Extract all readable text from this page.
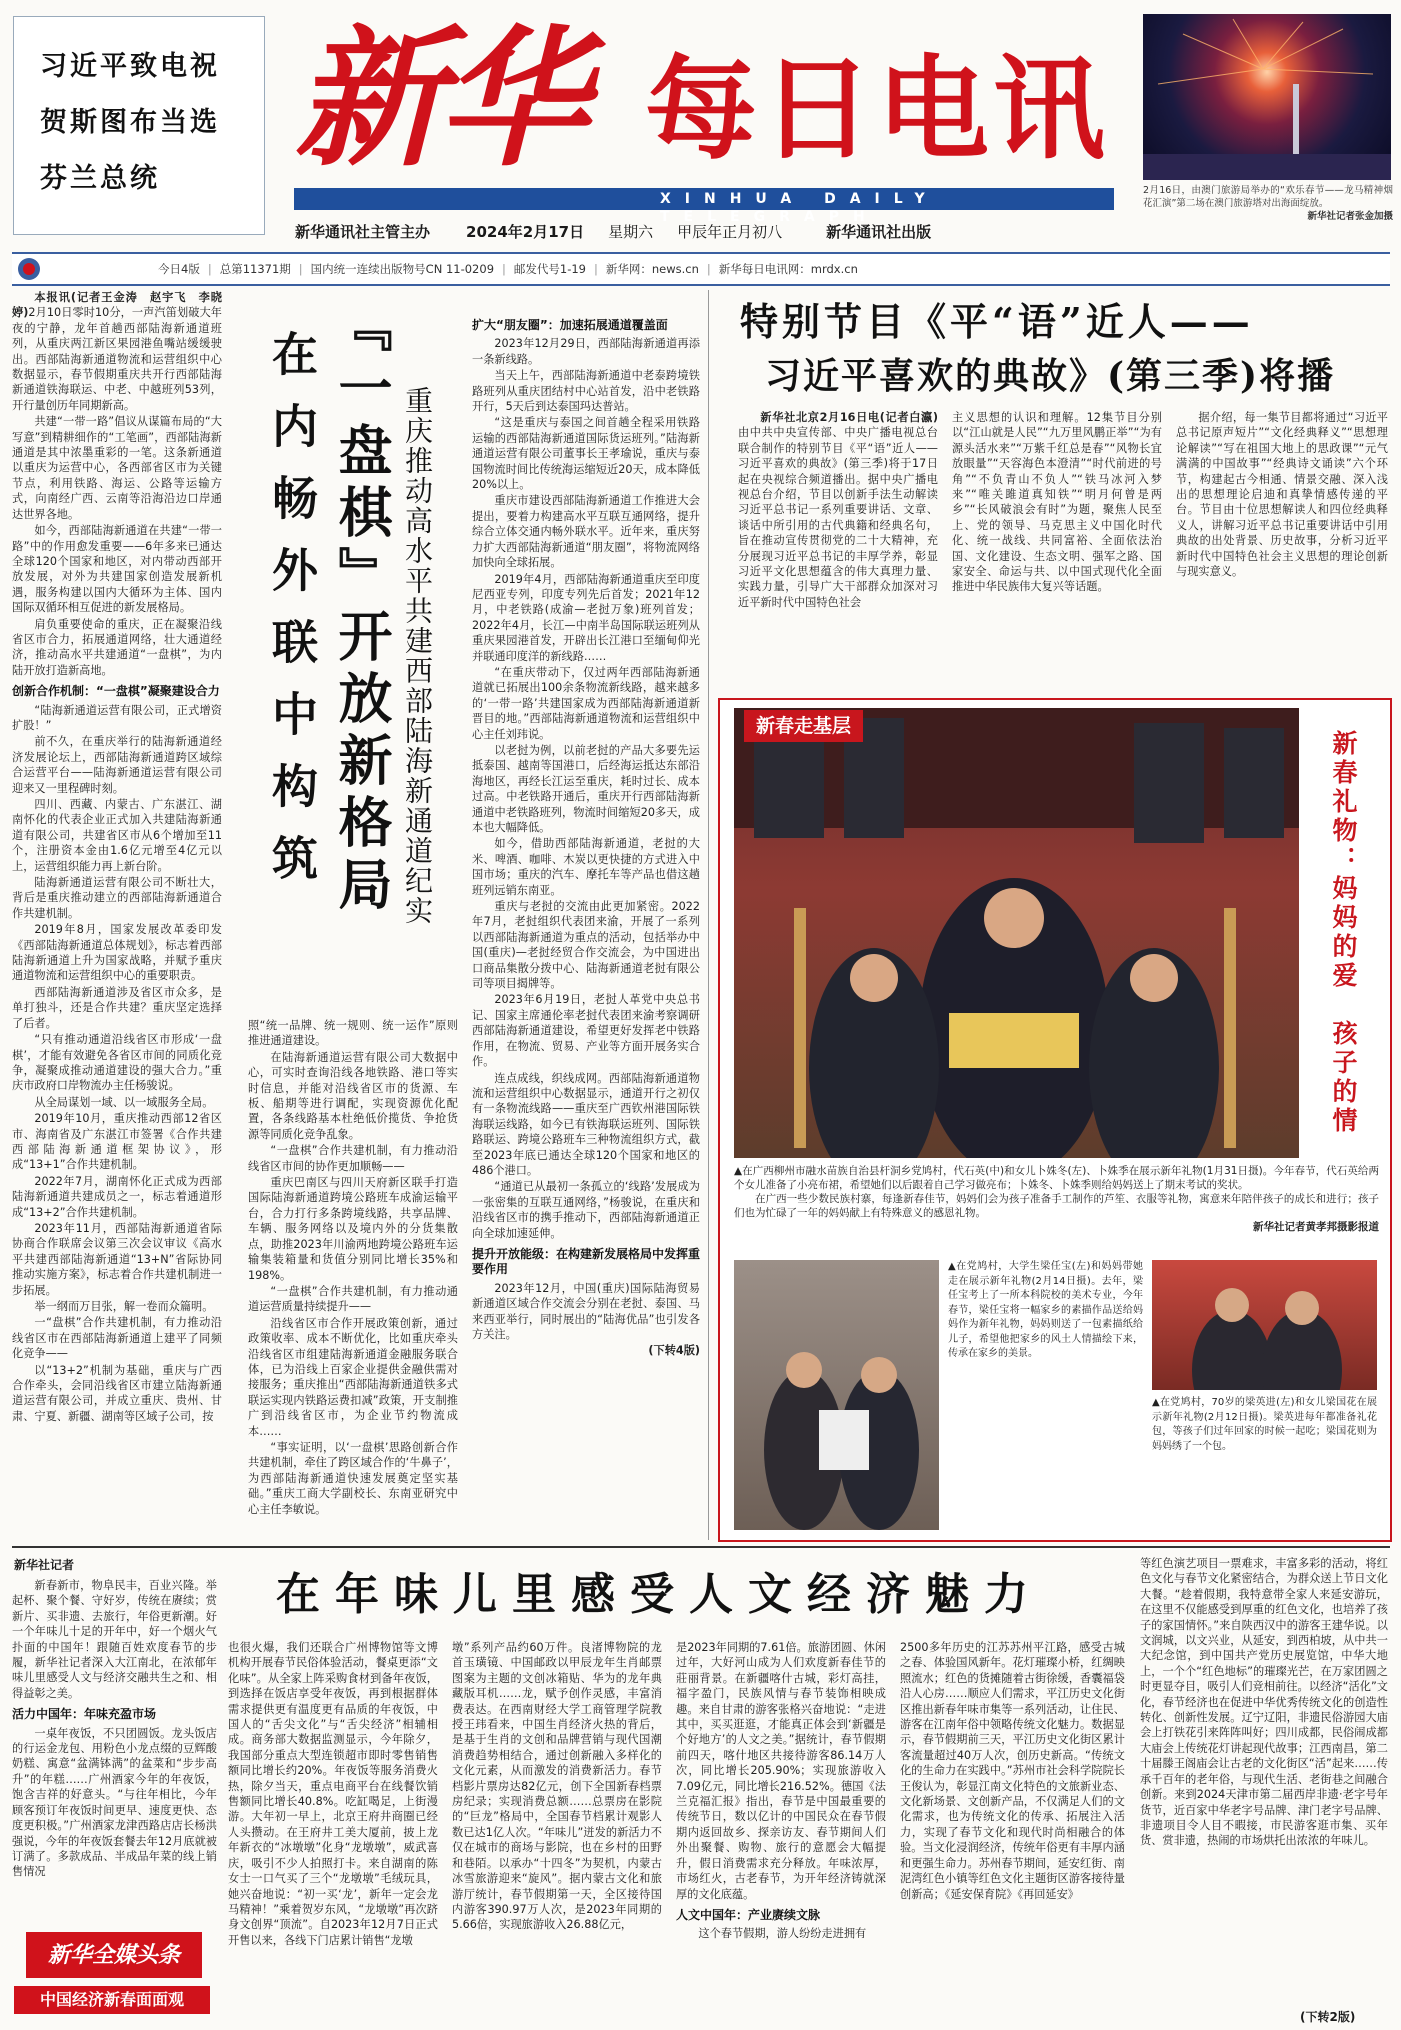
习近平致电祝贺斯图布当选芬兰总统 新华 每日电讯
XINHUA DAILY TELEGRAPH
新华通讯社主管主办 2024年2月17日 星期六 甲辰年正月初八	新华通讯社出版
2月16日，由澳门旅游局举办的“欢乐春节——龙马精神烟花汇演”第二场在澳门旅游塔对出海面绽放。
新华社记者张金加摄
今日4版 | 总第11371期 | 国内统一连续出版物号CN 11-0209 | 邮发代号1-19 | 新华网：news.cn | 新华每日电讯网：mrdx.cn

本报讯(记者王金涛　赵宇飞　李晓婷)2月10日零时10分，一声汽笛划破大年夜的宁静，龙年首趟西部陆海新通道班列，从重庆两江新区果园港鱼嘴站缓缓驶出。西部陆海新通道物流和运营组织中心数据显示，春节假期重庆共开行西部陆海新通道铁海联运、中老、中越班列53列，开行量创历年同期新高。

共建“一带一路”倡议从谋篇布局的“大写意”到精耕细作的“工笔画”，西部陆海新通道是其中浓墨重彩的一笔。这条新通道以重庆为运营中心，各西部省区市为关键节点，利用铁路、海运、公路等运输方式，向南经广西、云南等沿海沿边口岸通达世界各地。

如今，西部陆海新通道在共建“一带一路”中的作用愈发重要——6年多来已通达全球120个国家和地区，对内带动西部开放发展，对外为共建国家创造发展新机遇，服务构建以国内大循环为主体、国内国际双循环相互促进的新发展格局。

肩负重要使命的重庆，正在凝聚沿线省区市合力，拓展通道网络，壮大通道经济，推动高水平共建通道“一盘棋”，为内陆开放打造新高地。

创新合作机制：“一盘棋”凝聚建设合力

“陆海新通道运营有限公司，正式增资扩股！”

前不久，在重庆举行的陆海新通道经济发展论坛上，西部陆海新通道跨区域综合运营平台——陆海新通道运营有限公司迎来又一里程碑时刻。

四川、西藏、内蒙古、广东湛江、湖南怀化的代表企业正式加入共建陆海新通道有限公司，共建省区市从6个增加至11个，注册资本金由1.6亿元增至4亿元以上，运营组织能力再上新台阶。

陆海新通道运营有限公司不断壮大，背后是重庆推动建立的西部陆海新通道合作共建机制。

2019年8月，国家发展改革委印发《西部陆海新通道总体规划》，标志着西部陆海新通道上升为国家战略，并赋予重庆通道物流和运营组织中心的重要职责。

西部陆海新通道涉及省区市众多，是单打独斗，还是合作共建？重庆坚定选择了后者。

“只有推动通道沿线省区市形成‘一盘棋’，才能有效避免各省区市间的同质化竞争，凝聚成推动通道建设的强大合力。”重庆市政府口岸物流办主任杨骏说。

从全局谋划一域、以一域服务全局。

2019年10月，重庆推动西部12省区市、海南省及广东湛江市签署《合作共建西部陆海新通道框架协议》，形成“13+1”合作共建机制。

2022年7月，湖南怀化正式成为西部陆海新通道共建成员之一，标志着通道形成“13+2”合作共建机制。

2023年11月，西部陆海新通道省际协商合作联席会议第三次会议审议《高水平共建西部陆海新通道“13+N”省际协同推动实施方案》，标志着合作共建机制进一步拓展。

举一纲而万目张，解一卷而众篇明。

一“盘棋”合作共建机制，有力推动沿线省区市在西部陆海新通道上建平了同频化竞争——

以“13+2”机制为基础，重庆与广西合作牵头，会同沿线省区市建立陆海新通道运营有限公司，并成立重庆、贵州、甘肃、宁夏、新疆、湖南等区域子公司，按

在内畅外联中构筑 『一盘棋』开放新格局 重庆推动高水平共建西部陆海新通道纪实

照“统一品牌、统一规则、统一运作”原则推进通道建设。

在陆海新通道运营有限公司大数据中心，可实时查询沿线各地铁路、港口等实时信息，并能对沿线省区市的货源、车板、船期等进行调配，实现资源优化配置，各条线路基本杜绝低价揽货、争抢货源等同质化竞争乱象。

“一盘棋”合作共建机制，有力推动沿线省区市间的协作更加顺畅——

重庆巴南区与四川天府新区联手打造国际陆海新通道跨境公路班车成渝运输平台，合力打行多条跨境线路，共享品牌、车辆、服务网络以及境内外的分货集散点，助推2023年川渝两地跨境公路班车运输集装箱量和货值分别同比增长35%和198%。

“一盘棋”合作共建机制，有力推动通道运营质量持续提升——

沿线省区市合作开展政策创新，通过政策收率、成本不断优化，比如重庆牵头沿线省区市组建陆海新通道金融服务联合体，已为沿线上百家企业提供金融供需对接服务；重庆推出“西部陆海新通道铁多式联运实现内铁路运费扣减”政策，开支制推广到沿线省区市，为企业节约物流成本……

“事实证明，以‘一盘棋’思路创新合作共建机制，牵住了跨区域合作的‘牛鼻子’，为西部陆海新通道快速发展奠定坚实基础。”重庆工商大学副校长、东南亚研究中心主任李敏说。

扩大“朋友圈”：加速拓展通道覆盖面

2023年12月29日，西部陆海新通道再添一条新线路。

当天上午，西部陆海新通道中老泰跨境铁路班列从重庆团结村中心站首发，沿中老铁路开行，5天后到达泰国玛达普站。

“这是重庆与泰国之间首趟全程采用铁路运输的西部陆海新通道国际货运班列。”陆海新通道运营有限公司董事长王孝瑜说，重庆与泰国物流时间比传统海运缩短近20天，成本降低20%以上。

重庆市建设西部陆海新通道工作推进大会提出，要着力构建高水平互联互通网络，提升综合立体交通内畅外联水平。近年来，重庆努力扩大西部陆海新通道“朋友圈”，将物流网络加快向全球拓展。

2019年4月，西部陆海新通道重庆至印度尼西亚专列，印度专列先后首发；2021年12月，中老铁路(成渝—老挝万象)班列首发；2022年4月，长江—中南半岛国际联运班列从重庆果园港首发，开辟出长江港口至缅甸仰光并联通印度洋的新线路……

“在重庆带动下，仅过两年西部陆海新通道就已拓展出100余条物流新线路，越来越多的‘一带一路’共建国家成为西部陆海新通道新晋目的地。”西部陆海新通道物流和运营组织中心主任刘玮说。

以老挝为例，以前老挝的产品大多要先运抵泰国、越南等国港口，后经海运抵达东部沿海地区，再经长江运至重庆，耗时过长、成本过高。中老铁路开通后，重庆开行西部陆海新通道中老铁路班列，物流时间缩短20多天，成本也大幅降低。

如今，借助西部陆海新通道，老挝的大米、啤酒、咖啡、木炭以更快捷的方式进入中国市场；重庆的汽车、摩托车等产品也借这趟班列远销东南亚。

重庆与老挝的交流由此更加紧密。2022年7月，老挝组织代表团来渝，开展了一系列以西部陆海新通道为重点的活动，包括举办中国(重庆)—老挝经贸合作交流会，为中国进出口商品集散分拨中心、陆海新通道老挝有限公司等项目揭牌等。

2023年6月19日，老挝人革党中央总书记、国家主席通伦率老挝代表团来渝考察调研西部陆海新通道建设，希望更好发挥老中铁路作用，在物流、贸易、产业等方面开展务实合作。

连点成线，织线成网。西部陆海新通道物流和运营组织中心数据显示，通道开行之初仅有一条物流线路——重庆至广西钦州港国际铁海联运线路，如今已有铁海联运班列、国际铁路联运、跨境公路班车三种物流组织方式，截至2023年底已通达全球120个国家和地区的486个港口。

“通道已从最初一条孤立的‘线路’发展成为一张密集的互联互通网络，”杨骏说，在重庆和沿线省区市的携手推动下，西部陆海新通道正向全球加速延伸。

提升开放能级：在构建新发展格局中发挥重要作用

2023年12月，中国(重庆)国际陆海贸易新通道区域合作交流会分别在老挝、泰国、马来西亚举行，同时展出的“陆海优品”也引发各方关注。

(下转4版)

特别节目《平“语”近人——
习近平喜欢的典故》(第三季)将播

新华社北京2月16日电(记者白瀛)由中共中央宣传部、中央广播电视总台联合制作的特别节目《平“语”近人——习近平喜欢的典故》(第三季)将于17日起在央视综合频道播出。据中央广播电视总台介绍，节目以创新手法生动解读习近平总书记一系列重要讲话、文章、谈话中所引用的古代典籍和经典名句，旨在推动宣传贯彻党的二十大精神，充分展现习近平总书记的丰厚学养，彰显习近平文化思想蕴含的伟大真理力量、实践力量，引导广大干部群众加深对习近平新时代中国特色社会

主义思想的认识和理解。12集节目分别以“江山就是人民”“九万里风鹏正举”“为有源头活水来”“万紫千红总是春”“风物长宜放眼量”“天容海色本澄清”“时代前进的号角”“不负青山不负人”“铁马冰河入梦来”“唯关雎道真知铁”“明月何曾是两乡”“长风破浪会有时”为题，聚焦人民至上、党的领导、马克思主义中国化时代化、统一战线、共同富裕、全面依法治国、文化建设、生态文明、强军之路、国家安全、命运与共、以中国式现代化全面推进中华民族伟大复兴等话题。

据介绍，每一集节目都将通过“习近平总书记原声短片”“文化经典释义”“思想理论解读”“写在祖国大地上的思政课”“元气满满的中国故事”“经典诗文诵读”六个环节，构建起古今相通、情景交融、深入浅出的思想理论启迪和真挚情感传递的平台。节目由十位思想解读人和四位经典释义人，讲解习近平总书记重要讲话中引用典故的出处背景、历史故事，分析习近平新时代中国特色社会主义思想的理论创新与现实意义。

新春走基层
新春礼物：妈妈的爱　孩子的情

▲在广西柳州市融水苗族自治县杆洞乡党鸠村，代石英(中)和女儿卜姝冬(左)、卜姝季在展示新年礼物(1月31日摄)。今年春节，代石英给两个女儿准备了小亮布裙，希望她们以后跟着自己学习做亮布；卜姝冬、卜姝季则给妈妈送上了期末考试的奖状。

在广西一些少数民族村寨，每逢新春佳节，妈妈们会为孩子准备手工制作的芦笙、衣服等礼物，寓意来年陪伴孩子的成长和进行；孩子们也为忙碌了一年的妈妈献上有特殊意义的感恩礼物。

新华社记者黄孝邦摄影报道
▲在党鸠村，大学生梁任宝(左)和妈妈带她走在展示新年礼物(2月14日摄)。去年，梁任宝考上了一所本科院校的美术专业，今年春节，梁任宝将一幅家乡的素描作品送给妈妈作为新年礼物，妈妈则送了一包素描纸给儿子，希望他把家乡的风土人情描绘下来，传承在家乡的美景。
▲在党鸠村，70岁的梁英进(左)和女儿梁国花在展示新年礼物(2月12日摄)。梁英进每年都准备礼花包，等孩子们过年回家的时候一起吃；梁国花则为妈妈绣了一个包。
新华社记者
在年味儿里感受人文经济魅力

新春新市，物阜民丰，百业兴隆。举起杯、聚个餐、守好岁，传统在赓续；赏新片、买非遗、去旅行，年俗更新潮。好一个年味儿十足的开年中，好一个烟火气扑面的中国年！跟随百姓欢度春节的步履，新华社记者深入大江南北，在浓郁年味儿里感受人文与经济交融共生之和、相得益彰之美。

活力中国年：年味充盈市场

一桌年夜饭，不只团圆饭。龙头饭店的行运金龙包、用粉色小龙点缀的豆辉酸奶糕、寓意“盆满钵满”的盆菜和“步步高升”的年糕……广州酒家今年的年夜饭，饱含吉祥的好意头。“与往年相比，今年顾客预订年夜饭时间更早、速度更快、态度更积极。”广州酒家龙津西路店店长杨洪强说，今年的年夜饭套餐去年12月底就被订满了。多款成品、半成品年菜的线上销售情况

新华全媒头条
中国经济新春面面观

也很火爆，我们还联合广州博物馆等文博机构开展春节民俗体验活动，餐桌更添“文化味”。从全家上阵采购食材到备年夜饭，到选择在饭店享受年夜饭，再到根据群体需求提供更有温度更有品质的年夜饭，中国人的“舌尖文化”与“舌尖经济”相辅相成。商务部大数据监测显示，今年除夕，我国部分重点大型连锁超市即时零售销售额同比增长约20%。年夜饭等服务消费火热，除夕当天，重点电商平台在线餐饮销售额同比增长40.8%。吃缸喝足，上街漫游。大年初一早上，北京王府井商圈已经人头攒动。在王府井工美大厦前，披上龙年新衣的“冰墩墩”化身“龙墩墩”，威武喜庆，吸引不少人拍照打卡。来自湖南的陈女士一口气买了三个“龙墩墩”毛绒玩具，她兴奋地说：“初一买‘龙’，新年一定会龙马精神！”乘着贺岁东风，“龙墩墩”再次跻身文创界“顶流”。自2023年12月7日正式开售以来，各线下门店累计销售“龙墩

墩”系列产品约60万件。良渚博物院的龙首玉璜镜、中国邮政以甲辰龙年生肖邮票图案为主题的文创冰箱贴、华为的龙年典藏版耳机……龙，赋予创作灵感，丰富消费表达。在西南财经大学工商管理学院教授王玮看来，中国生肖经济火热的背后，是基于生肖的文创和品牌营销与现代国潮消费趋势相结合，通过创新融入多样化的文化元素，从而激发的消费新活力。春节档影片票房达82亿元，创下全国新春档票房纪录；实现消费总额……总票房在影院的“巨龙”格局中，全国春节档累计观影人数已达1亿人次。“年味儿”迸发的新活力不仅在城市的商场与影院，也在乡村的田野和巷陌。以承办“十四冬”为契机，内蒙古冰雪旅游迎来“旋风”。据内蒙古文化和旅游厅统计，春节假期第一天，全区接待国内游客390.97万人次，是2023年同期的5.66倍，实现旅游收入26.88亿元，

是2023年同期的7.61倍。旅游团圆、休闲过年，大好河山成为人们欢度新春佳节的莊丽背景。在新疆喀什古城，彩灯高挂，福字盈门，民族风情与春节装饰相映成趣。来自甘肃的游客张格兴奋地说：“走进其中，买买逛逛，才能真正体会到‘新疆是个好地方’的人文之美。”据统计，春节假期前四天，喀什地区共接待游客86.14万人次，同比增长205.90%；实现旅游收入7.09亿元，同比增长216.52%。德国《法兰克福汇报》指出，春节是中国最重要的传统节日，数以亿计的中国民众在春节假期内返回故乡、探亲访友、春节期间人们外出聚餐、购物、旅行的意愿会大幅提升，假日消费需求充分释放。年味浓厚，市场红火，古老春节，为开年经济铸就深厚的文化底蕴。

人文中国年：产业赓续文脉

这个春节假期，游人纷纷走进拥有

2500多年历史的江苏苏州平江路，感受古城之春、体验国风新年。花灯璀璨小桥，红绸映照流水；红色的货摊随着古街徐缓，香囊福袋沿人心房……顺应人们需求，平江历史文化街区推出新春年味市集等一系列活动，让住民、游客在江南年俗中领略传统文化魅力。数据显示，春节假期前三天，平江历史文化街区累计客流量超过40万人次，创历史新高。“传统文化的生命力在实践中。”苏州市社会科学院院长王俊认为，彰显江南文化特色的文旅新业态、文化新场景、文创新产品，不仅满足人们的文化需求，也为传统文化的传承、拓展注入活力，实现了春节文化和现代时尚相融合的体验。当文化浸润经济，传统年俗更有丰厚内涵和更强生命力。苏州春节期间，延安红街、南泥湾红色小镇等红色文化主题街区游客接待量创新高；《延安保育院》《再回延安》

等红色演艺项目一票难求，丰富多彩的活动，将红色文化与春节文化紧密结合，为群众送上节日文化大餐。“趁着假期，我特意带全家人来延安游玩，在这里不仅能感受到厚重的红色文化，也培养了孩子的家国情怀。”来自陕西汉中的游客王建华说。以文润城，以文兴业，从延安，到西柏坡，从中共一大纪念馆，到中国共产党历史展览馆，中华大地上，一个个“红色地标”的璀璨光芒，在万家团圆之时更显夺目，吸引人们竞相前往。以经济“活化”文化，春节经济也在促进中华优秀传统文化的创造性转化、创新性发展。辽宁辽阳，非遗民俗游园大庙会上打铁花引来阵阵叫好；四川成都，民俗闹成都大庙会上传统花灯讲起现代故事；江西南昌，第二十届滕王阁庙会让古老的文化街区“活”起来……传承千百年的老年俗，与现代生活、老街巷之间融合创新。来到2024天津市第二届西岸非遗·老字号年货节，近百家中华老字号品牌、津门老字号品牌、非遗项目令人目不暇接，市民游客逛市集、买年货、赏非遗，热闹的市场烘托出浓浓的年味儿。

(下转2版)
